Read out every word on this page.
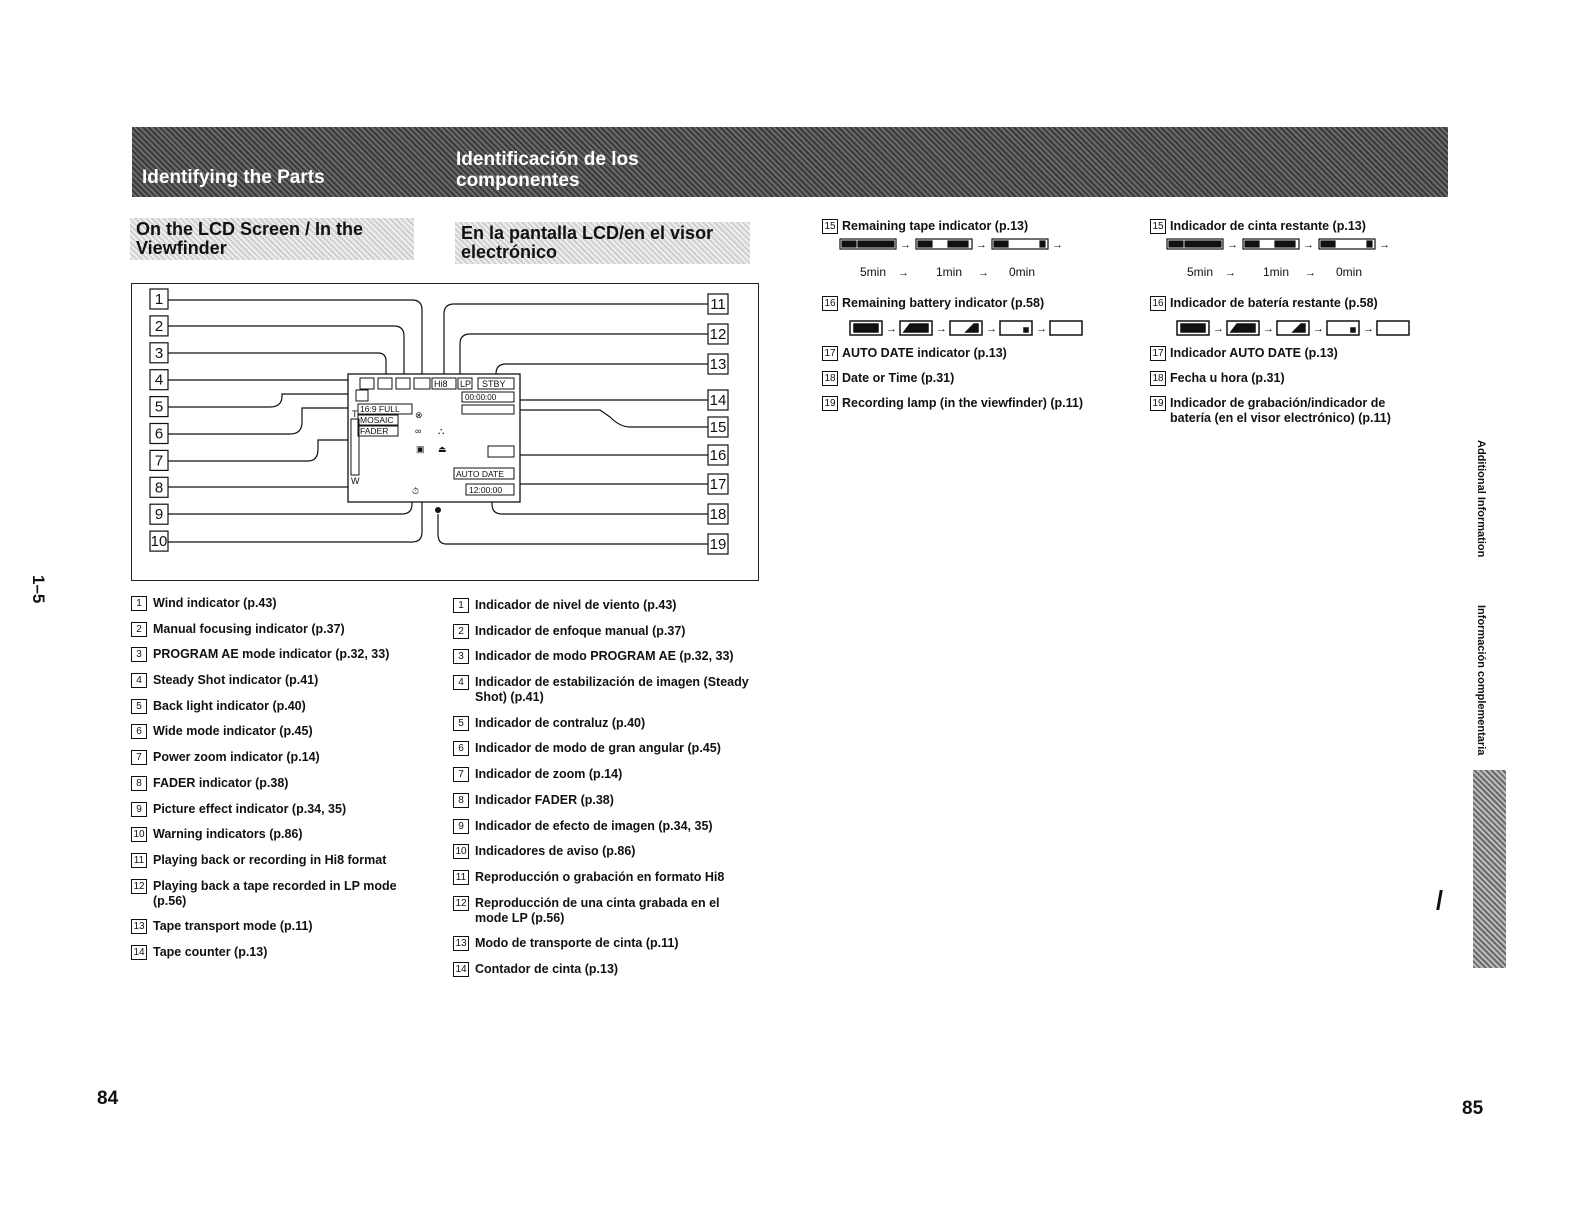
Identifying the Parts
Identificación de los componentes
On the LCD Screen / In the Viewfinder
En la pantalla LCD/en el visor electrónico
1
2
3
4
5
6
7
8
9
10
11
12
13
14
15
16
17
18
19
Hi8 LP STBY
00:00:00
16:9 FULL
MOSAIC
FADER
T
W
AUTO DATE
12:00:00
⊗
∞ ⛬
▣ ⏏
⏱
1 Wind indicator (p.43)
2 Manual focusing indicator (p.37)
3 PROGRAM AE mode indicator (p.32, 33)
4 Steady Shot indicator (p.41)
5 Back light indicator (p.40)
6 Wide mode indicator (p.45)
7 Power zoom indicator (p.14)
8 FADER indicator (p.38)
9 Picture effect indicator (p.34, 35)
10 Warning indicators (p.86)
11 Playing back or recording in Hi8 format
12 Playing back a tape recorded in LP mode (p.56)
13 Tape transport mode (p.11)
14 Tape counter (p.13)
1 Indicador de nivel de viento (p.43)
2 Indicador de enfoque manual (p.37)
3 Indicador de modo PROGRAM AE (p.32, 33)
4 Indicador de estabilización de imagen (Steady Shot) (p.41)
5 Indicador de contraluz (p.40)
6 Indicador de modo de gran angular (p.45)
7 Indicador de zoom (p.14)
8 Indicador FADER (p.38)
9 Indicador de efecto de imagen (p.34, 35)
10 Indicadores de aviso (p.86)
11 Reproducción o grabación en formato Hi8
12 Reproducción de una cinta grabada en el mode LP (p.56)
13 Modo de transporte de cinta (p.11)
14 Contador de cinta (p.13)
15 Remaining tape indicator (p.13)
16 Remaining battery indicator (p.58)
17 AUTO DATE indicator (p.13)
18 Date or Time (p.31)
19 Recording lamp (in the viewfinder) (p.11)
15 Indicador de cinta restante (p.13)
16 Indicador de batería restante (p.58)
17 Indicador AUTO DATE (p.13)
18 Fecha u hora (p.31)
19 Indicador de grabación/indicador de batería (en el visor electrónico) (p.11)
→	→	→
5min → 1min → 0min
→	→	→
5min → 1min → 0min
→	→	→	→	→	→	→	→
1–5
Additional Information
Información complementaria
84	85
